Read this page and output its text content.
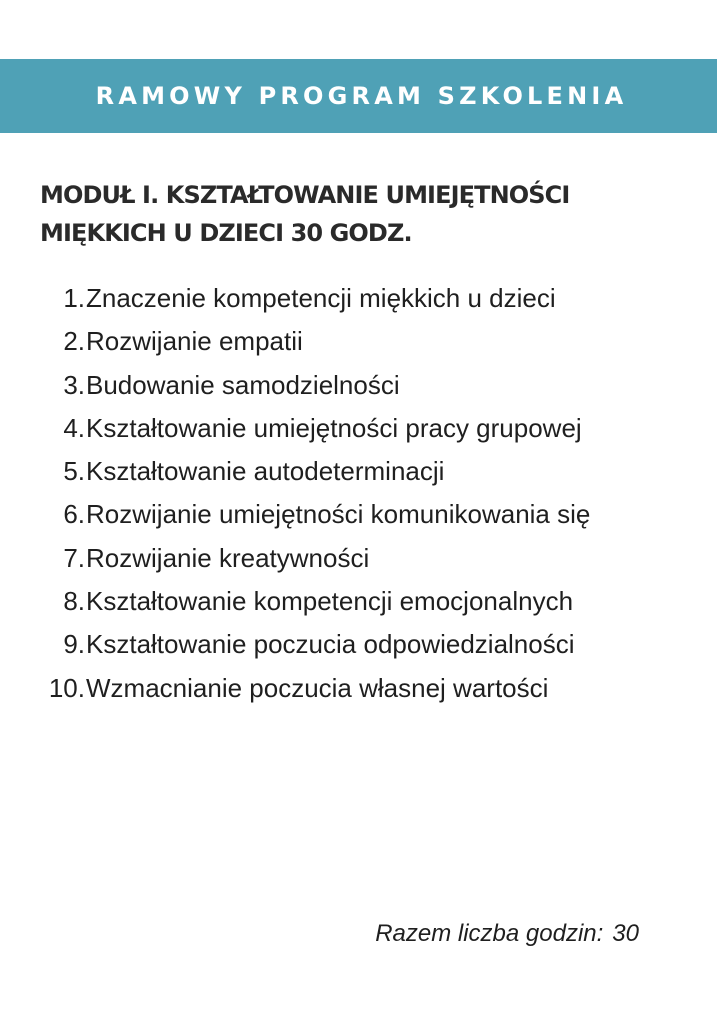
RAMOWY PROGRAM SZKOLENIA
MODUŁ I. KSZTAŁTOWANIE UMIEJĘTNOŚCI
MIĘKKICH U DZIECI 30 GODZ.
1. Znaczenie kompetencji miękkich u dzieci
2. Rozwijanie empatii
3. Budowanie samodzielności
4. Kształtowanie umiejętności pracy grupowej
5. Kształtowanie autodeterminacji
6. Rozwijanie umiejętności komunikowania się
7. Rozwijanie kreatywności
8. Kształtowanie kompetencji emocjonalnych
9. Kształtowanie poczucia odpowiedzialności
10. Wzmacnianie poczucia własnej wartości
Razem liczba godzin: 30
